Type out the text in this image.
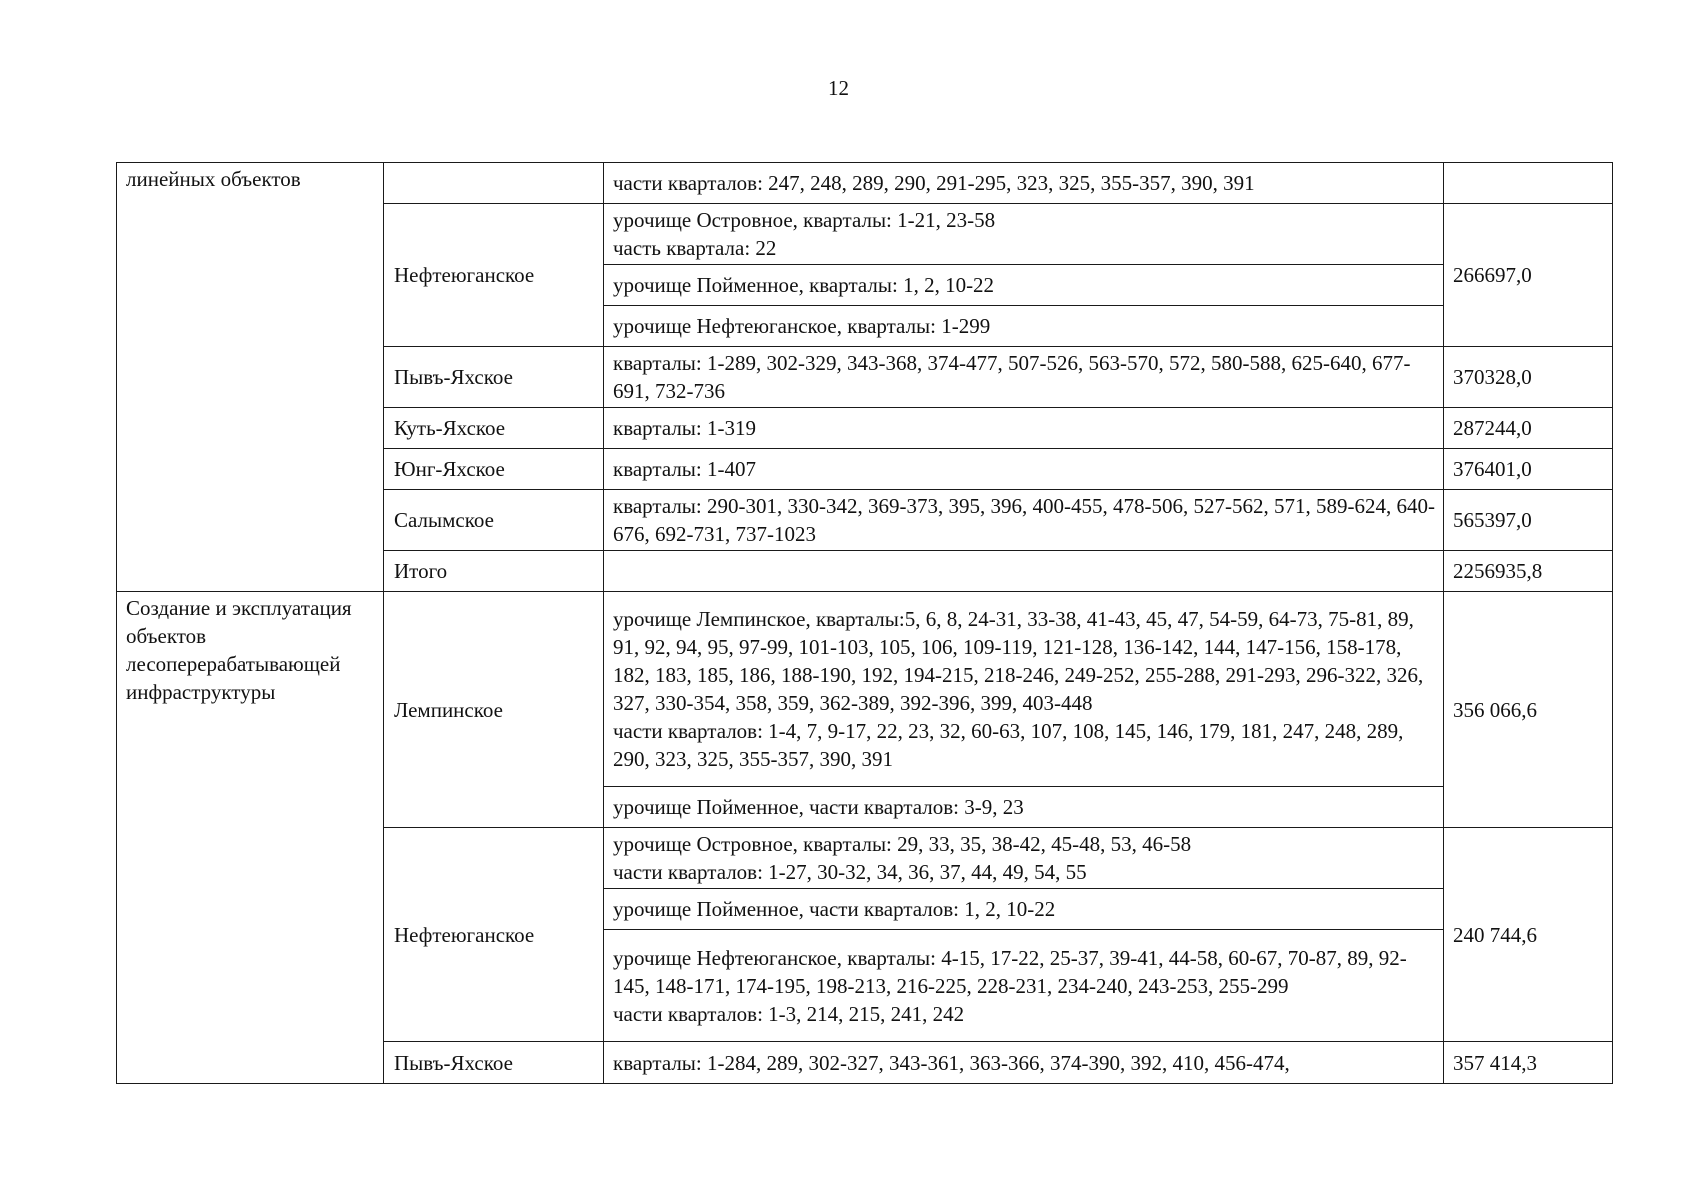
12
линейных объектов		части кварталов: 247, 248, 289, 290, 291-295, 323, 325, 355-357, 390, 391	

	Нефтеюганское	урочище Островное, кварталы: 1-21, 23-58
часть квартала: 22	266697,0

		урочище Пойменное, кварталы: 1, 2, 10-22	

		урочище Нефтеюганское, кварталы: 1-299	

	Пывъ-Яхское	кварталы: 1-289, 302-329, 343-368, 374-477, 507-526, 563-570, 572, 580-588, 625-640, 677-691, 732-736	370328,0
	Куть-Яхское	кварталы: 1-319	287244,0
	Юнг-Яхское	кварталы: 1-407	376401,0
	Салымское	кварталы: 290-301, 330-342, 369-373, 395, 396, 400-455, 478-506, 527-562, 571, 589-624, 640-676, 692-731, 737-1023	565397,0
	Итого		2256935,8
Создание и эксплуатация объектов лесоперерабатывающей инфраструктуры	Лемпинское	урочище Лемпинское, кварталы:5, 6, 8, 24-31, 33-38, 41-43, 45, 47, 54-59, 64-73, 75-81, 89, 91, 92, 94, 95, 97-99, 101-103, 105, 106, 109-119, 121-128, 136-142, 144, 147-156, 158-178, 182, 183, 185, 186, 188-190, 192, 194-215, 218-246, 249-252, 255-288, 291-293, 296-322, 326, 327, 330-354, 358, 359, 362-389, 392-396, 399, 403-448
части кварталов: 1-4, 7, 9-17, 22, 23, 32, 60-63, 107, 108, 145, 146, 179, 181, 247, 248, 289, 290, 323, 325, 355-357, 390, 391	356 066,6

		урочище Пойменное, части кварталов: 3-9, 23	

	Нефтеюганское	урочище Островное, кварталы: 29, 33, 35, 38-42, 45-48, 53, 46-58
части кварталов: 1-27, 30-32, 34, 36, 37, 44, 49, 54, 55	240 744,6

		урочище Пойменное, части кварталов: 1, 2, 10-22	

		урочище Нефтеюганское, кварталы: 4-15, 17-22, 25-37, 39-41, 44-58, 60-67, 70-87, 89, 92-145, 148-171, 174-195, 198-213, 216-225, 228-231, 234-240, 243-253, 255-299
части кварталов: 1-3, 214, 215, 241, 242	

	Пывъ-Яхское	кварталы: 1-284, 289, 302-327, 343-361, 363-366, 374-390, 392, 410, 456-474,	357 414,3
